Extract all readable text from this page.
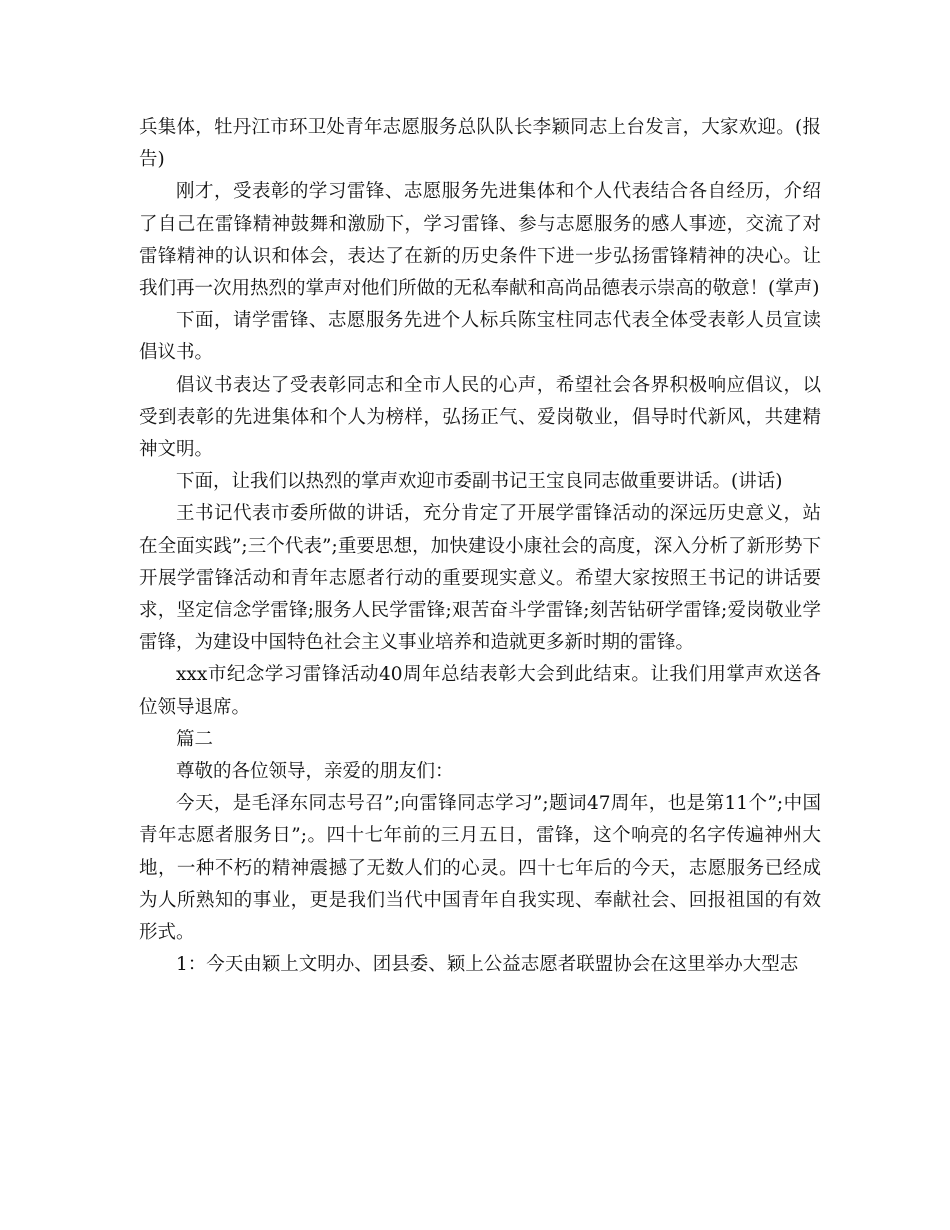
兵集体，牡丹江市环卫处青年志愿服务总队队长李颖同志上台发言，大家欢迎。(报告)

刚才，受表彰的学习雷锋、志愿服务先进集体和个人代表结合各自经历，介绍了自己在雷锋精神鼓舞和激励下，学习雷锋、参与志愿服务的感人事迹，交流了对雷锋精神的认识和体会，表达了在新的历史条件下进一步弘扬雷锋精神的决心。让我们再一次用热烈的掌声对他们所做的无私奉献和高尚品德表示崇高的敬意！(掌声)

下面，请学雷锋、志愿服务先进个人标兵陈宝柱同志代表全体受表彰人员宣读倡议书。

倡议书表达了受表彰同志和全市人民的心声，希望社会各界积极响应倡议，以受到表彰的先进集体和个人为榜样，弘扬正气、爱岗敬业，倡导时代新风，共建精神文明。

下面，让我们以热烈的掌声欢迎市委副书记王宝良同志做重要讲话。(讲话)

王书记代表市委所做的讲话，充分肯定了开展学雷锋活动的深远历史意义，站在全面实践”;三个代表”;重要思想，加快建设小康社会的高度，深入分析了新形势下开展学雷锋活动和青年志愿者行动的重要现实意义。希望大家按照王书记的讲话要求，坚定信念学雷锋;服务人民学雷锋;艰苦奋斗学雷锋;刻苦钻研学雷锋;爱岗敬业学雷锋，为建设中国特色社会主义事业培养和造就更多新时期的雷锋。

xxx市纪念学习雷锋活动40周年总结表彰大会到此结束。让我们用掌声欢送各位领导退席。

篇二

尊敬的各位领导，亲爱的朋友们：

今天，是毛泽东同志号召”;向雷锋同志学习”;题词47周年，也是第11个”;中国青年志愿者服务日”;。四十七年前的三月五日，雷锋，这个响亮的名字传遍神州大地，一种不朽的精神震撼了无数人们的心灵。四十七年后的今天，志愿服务已经成为人所熟知的事业，更是我们当代中国青年自我实现、奉献社会、回报祖国的有效形式。

1：今天由颖上文明办、团县委、颖上公益志愿者联盟协会在这里举办大型志
